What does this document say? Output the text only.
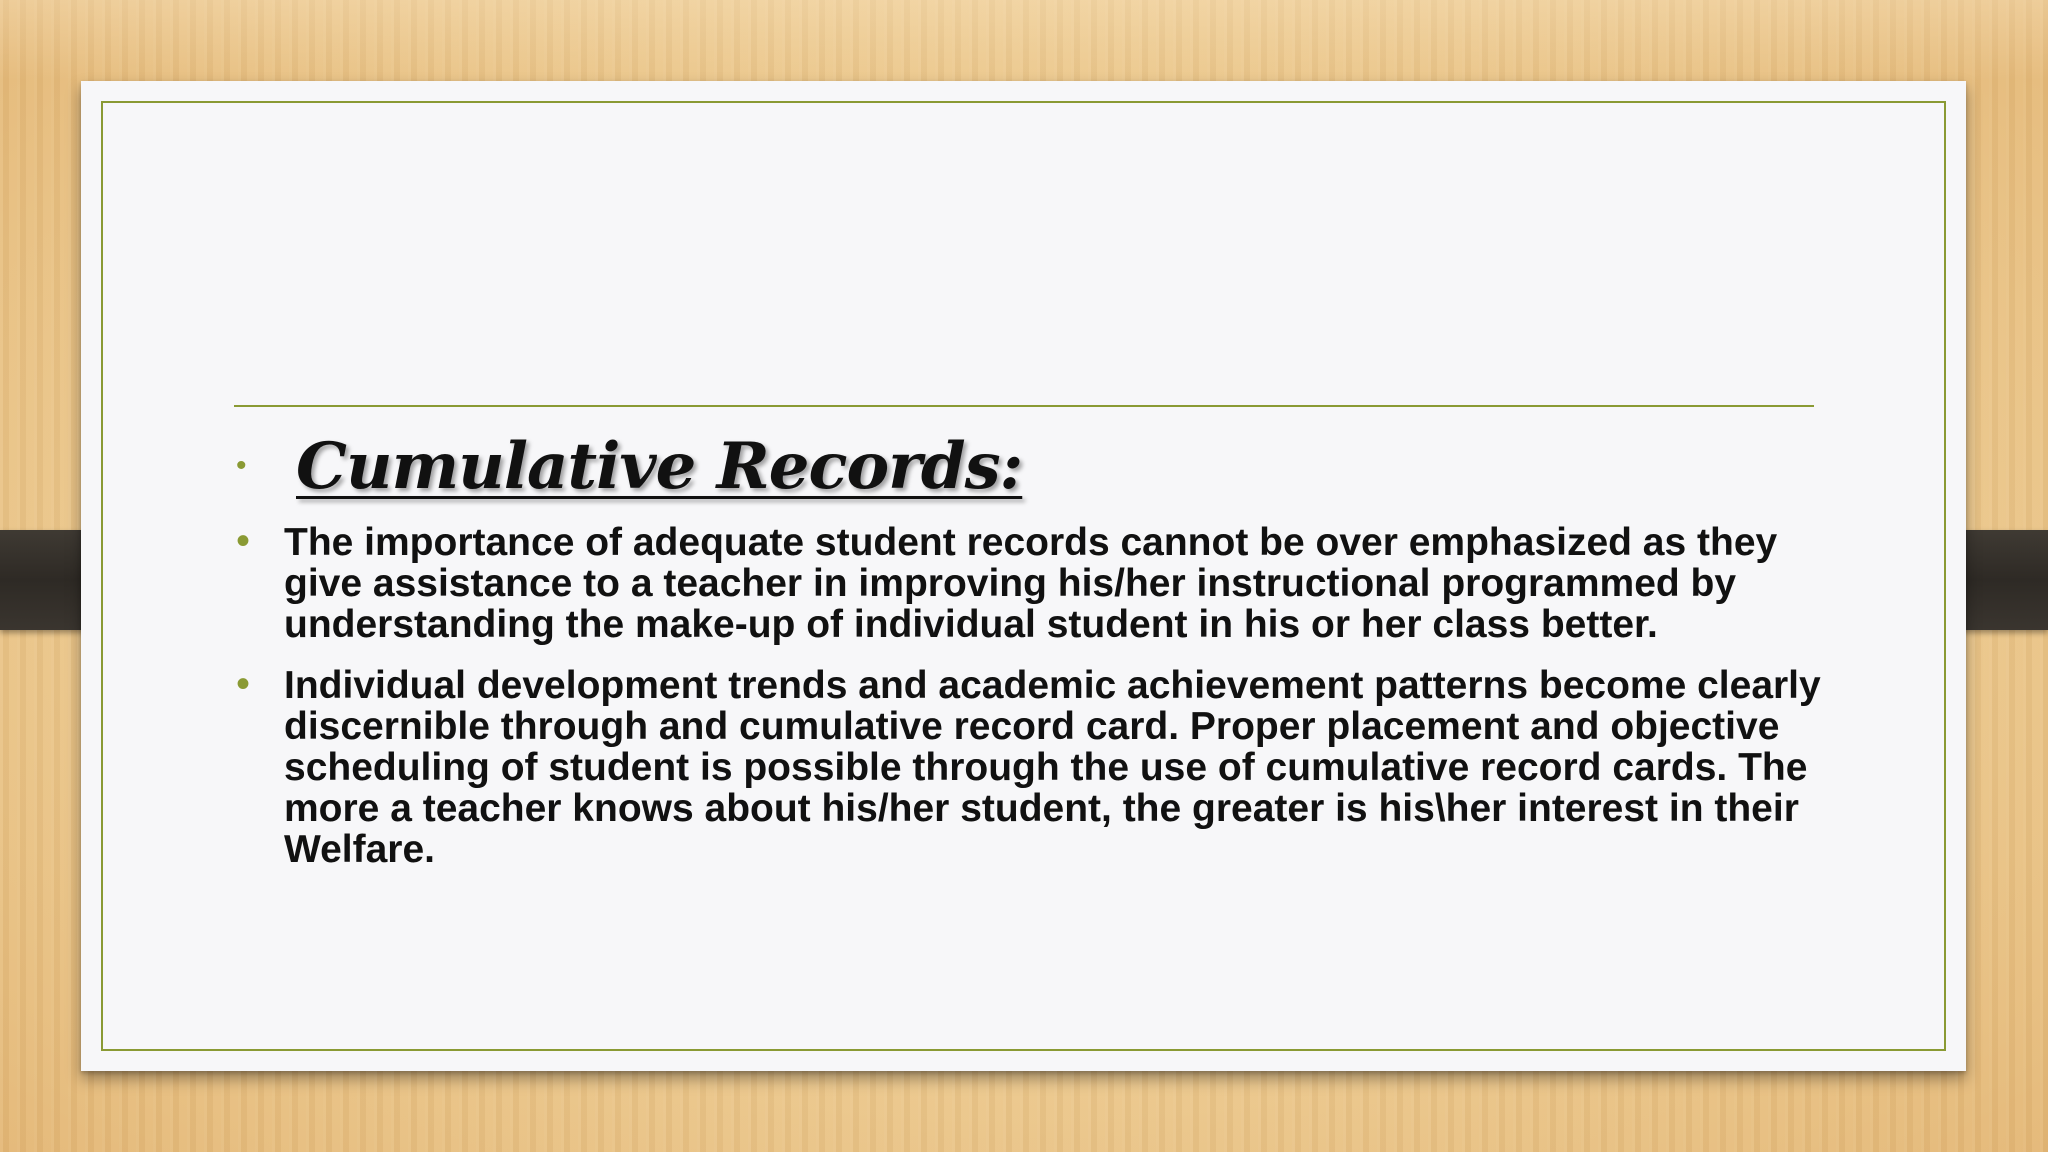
• Cumulative Records:
• The importance of adequate student records cannot be over emphasized as they give assistance to a teacher in improving his/her instructional programmed by understanding the make-up of individual student in his or her class better.
• Individual development trends and academic achievement patterns become clearly discernible through and cumulative record card. Proper placement and objective scheduling of student is possible through the use of cumulative record cards. The more a teacher knows about his/her student, the greater is his\her interest in their Welfare.
